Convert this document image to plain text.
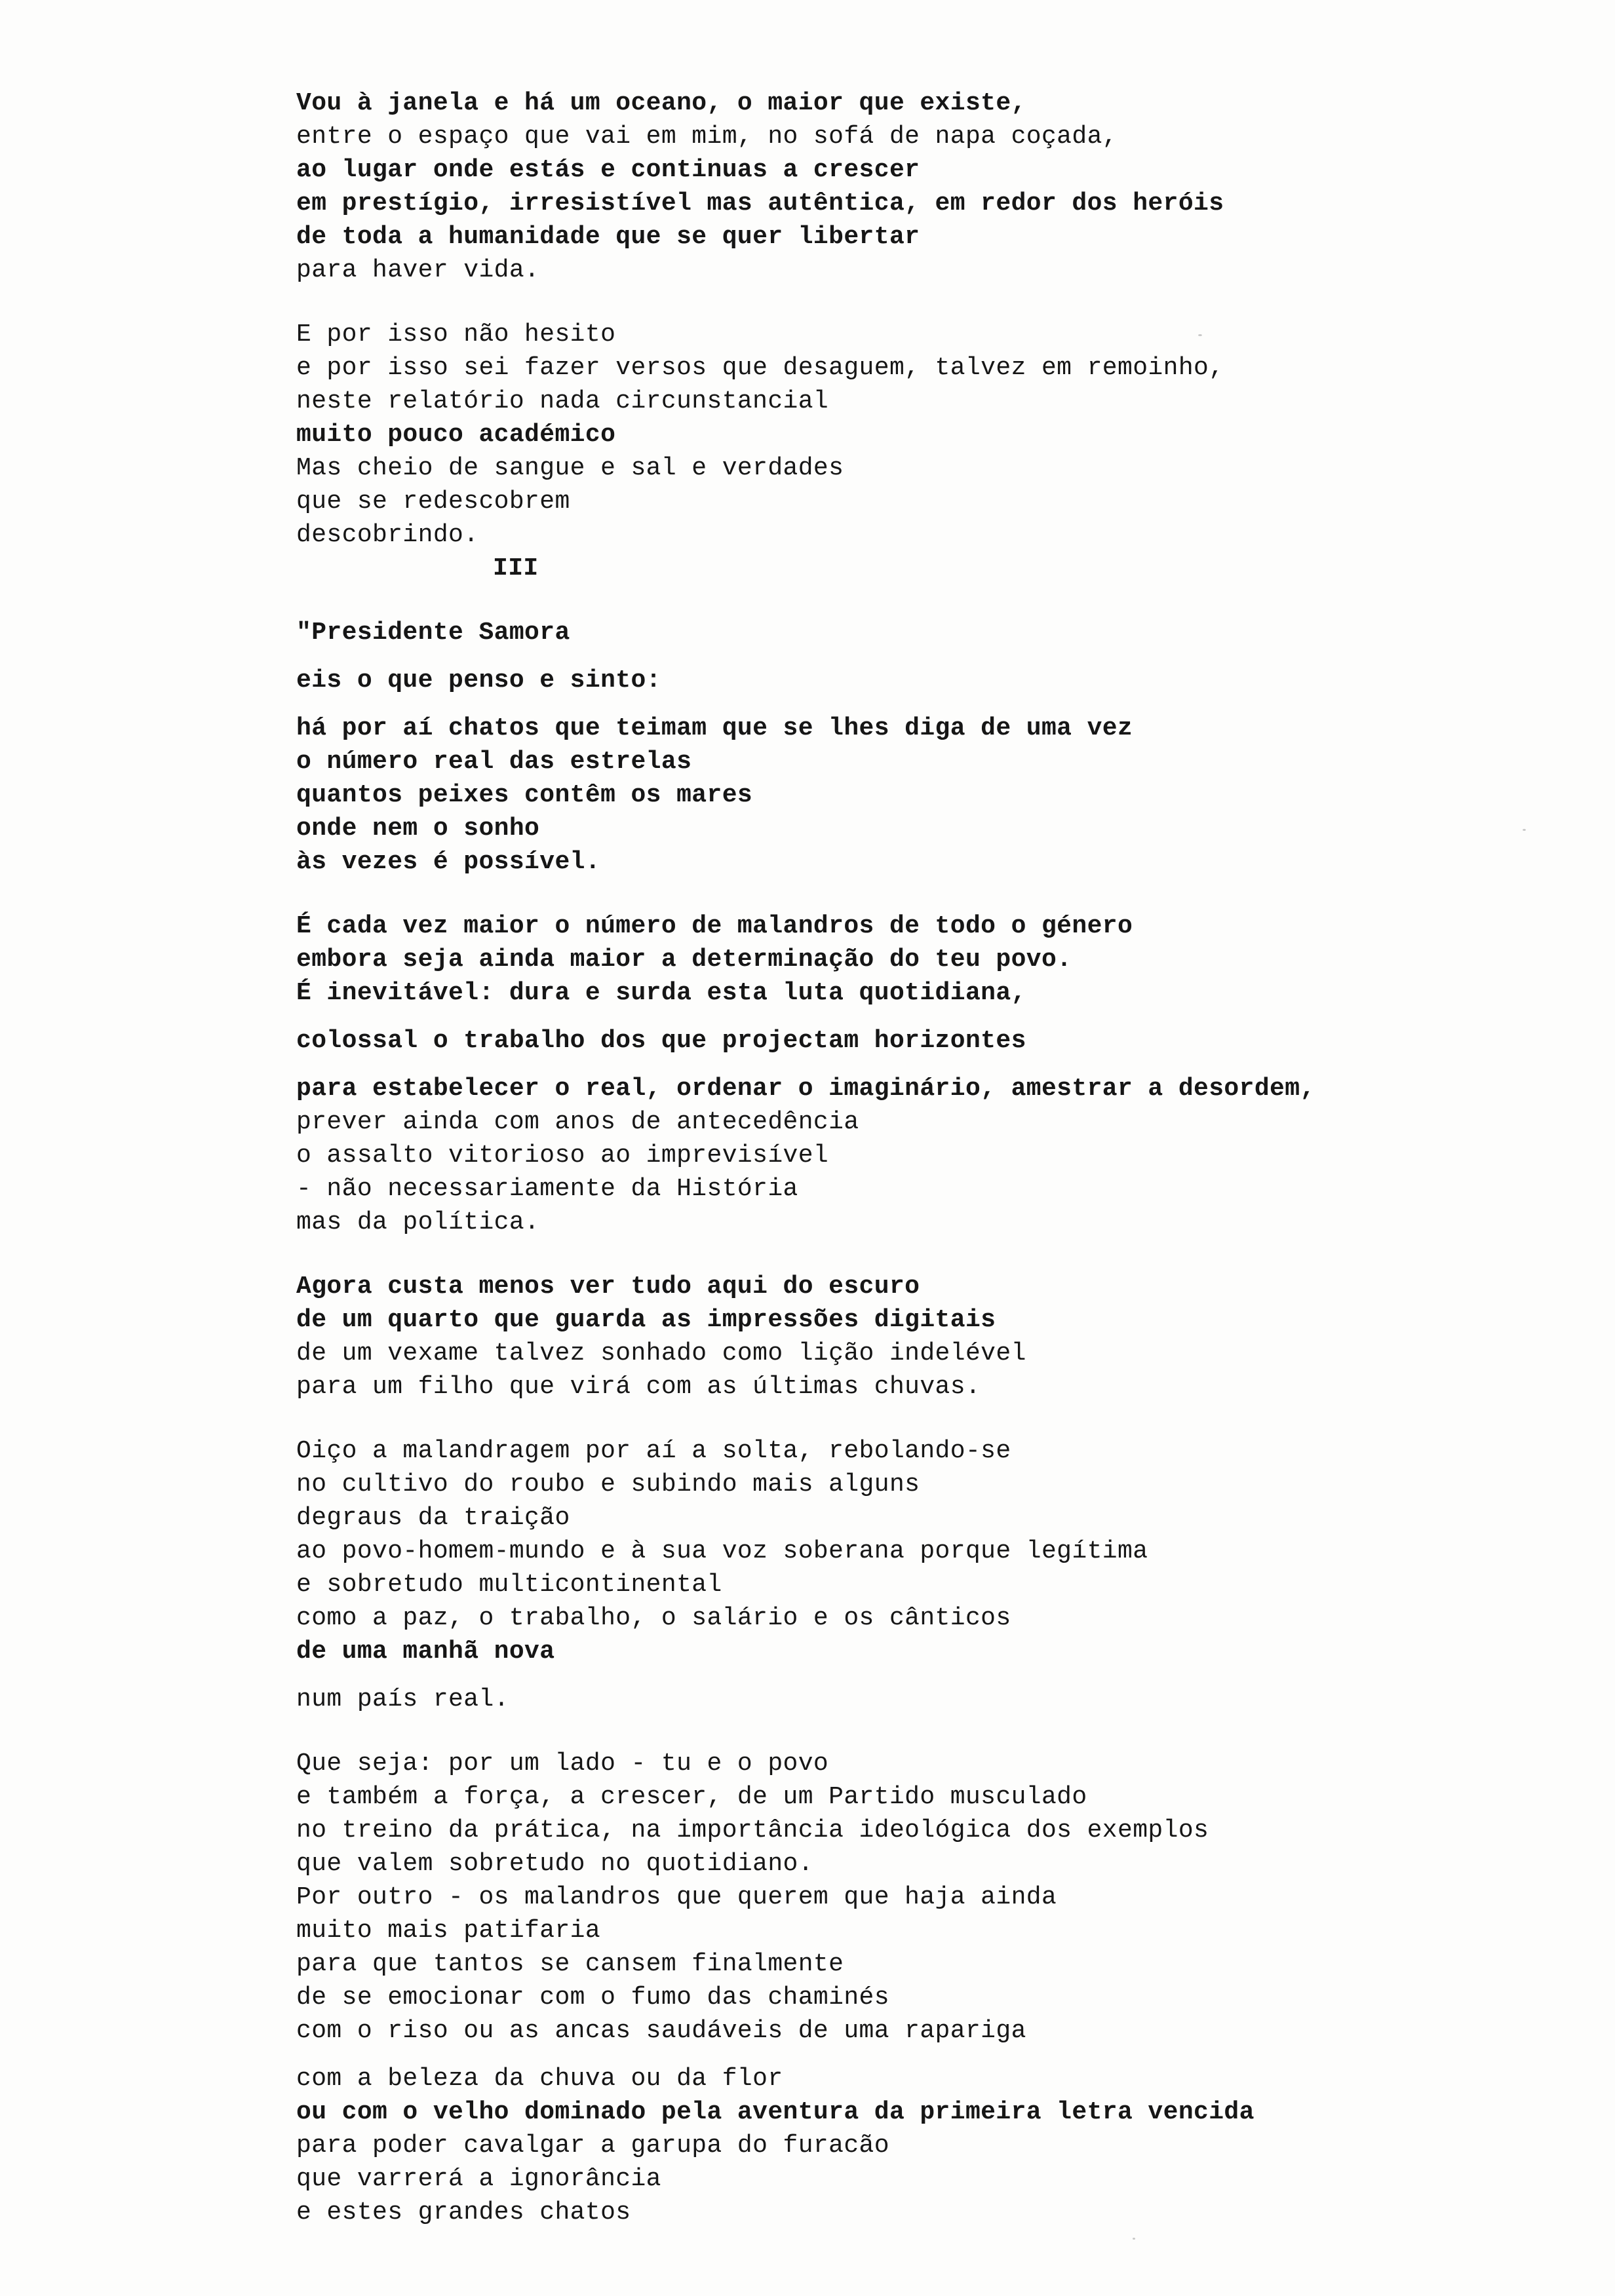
Vou à janela e há um oceano, o maior que existe,
entre o espaço que vai em mim, no sofá de napa coçada,
ao lugar onde estás e continuas a crescer
em prestígio, irresistível mas autêntica, em redor dos heróis
de toda a humanidade que se quer libertar
para haver vida.
E por isso não hesito
e por isso sei fazer versos que desaguem, talvez em remoinho,
neste relatório nada circunstancial
muito pouco académico
Mas cheio de sangue e sal e verdades
que se redescobrem
descobrindo.
III
"Presidente Samora
eis o que penso e sinto:
há por aí chatos que teimam que se lhes diga de uma vez
o número real das estrelas
quantos peixes contêm os mares
onde nem o sonho
às vezes é possível.
É cada vez maior o número de malandros de todo o género
embora seja ainda maior a determinação do teu povo.
É inevitável: dura e surda esta luta quotidiana,
colossal o trabalho dos que projectam horizontes
para estabelecer o real, ordenar o imaginário, amestrar a desordem,
prever ainda com anos de antecedência
o assalto vitorioso ao imprevisível
- não necessariamente da História
mas da política.
Agora custa menos ver tudo aqui do escuro
de um quarto que guarda as impressões digitais
de um vexame talvez sonhado como lição indelével
para um filho que virá com as últimas chuvas.
Oiço a malandragem por aí a solta, rebolando-se
no cultivo do roubo e subindo mais alguns
degraus da traição
ao povo-homem-mundo e à sua voz soberana porque legítima
e sobretudo multicontinental
como a paz, o trabalho, o salário e os cânticos
de uma manhã nova
num país real.
Que seja: por um lado - tu e o povo
e também a força, a crescer, de um Partido musculado
no treino da prática, na importância ideológica dos exemplos
que valem sobretudo no quotidiano.
Por outro - os malandros que querem que haja ainda
muito mais patifaria
para que tantos se cansem finalmente
de se emocionar com o fumo das chaminés
com o riso ou as ancas saudáveis de uma rapariga
com a beleza da chuva ou da flor
ou com o velho dominado pela aventura da primeira letra vencida
para poder cavalgar a garupa do furacão
que varrerá a ignorância
e estes grandes chatos
